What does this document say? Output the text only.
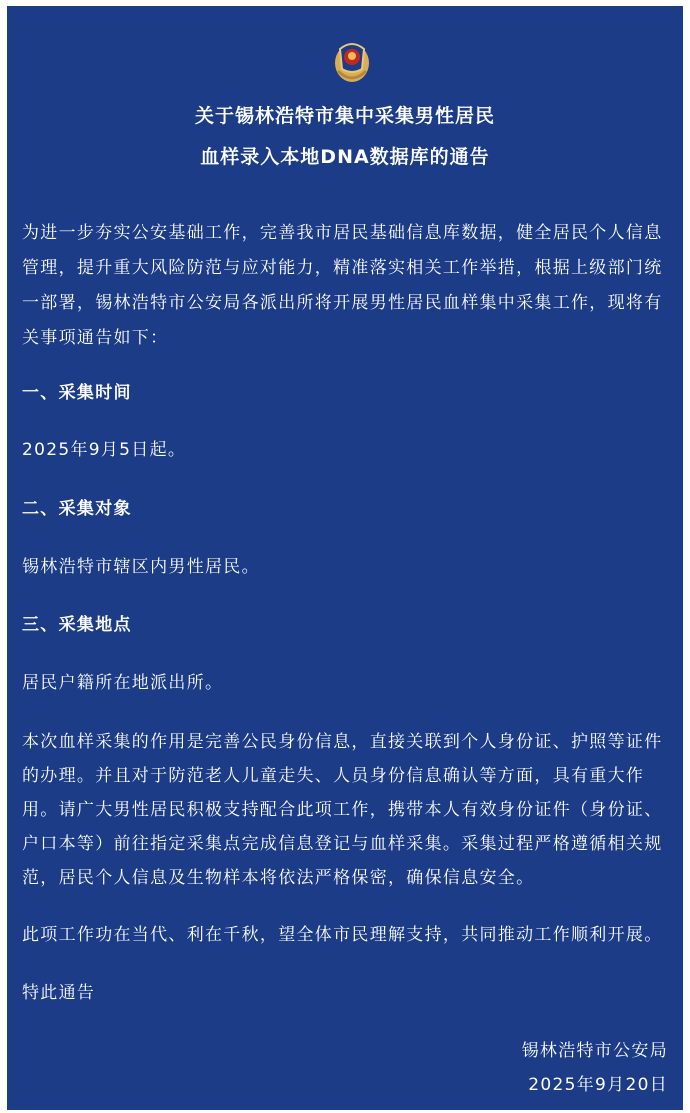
关于锡林浩特市集中采集男性居民
血样录入本地DNA数据库的通告
为进一步夯实公安基础工作，完善我市居民基础信息库数据，健全居民个人信息
管理，提升重大风险防范与应对能力，精准落实相关工作举措，根据上级部门统
一部署，锡林浩特市公安局各派出所将开展男性居民血样集中采集工作，现将有
关事项通告如下：
一、采集时间
2025年9月5日起。
二、采集对象
锡林浩特市辖区内男性居民。
三、采集地点
居民户籍所在地派出所。
本次血样采集的作用是完善公民身份信息，直接关联到个人身份证、护照等证件
的办理。并且对于防范老人儿童走失、人员身份信息确认等方面，具有重大作
用。请广大男性居民积极支持配合此项工作，携带本人有效身份证件（身份证、
户口本等）前往指定采集点完成信息登记与血样采集。采集过程严格遵循相关规
范，居民个人信息及生物样本将依法严格保密，确保信息安全。
此项工作功在当代、利在千秋，望全体市民理解支持，共同推动工作顺利开展。
特此通告
锡林浩特市公安局
2025年9月20日
